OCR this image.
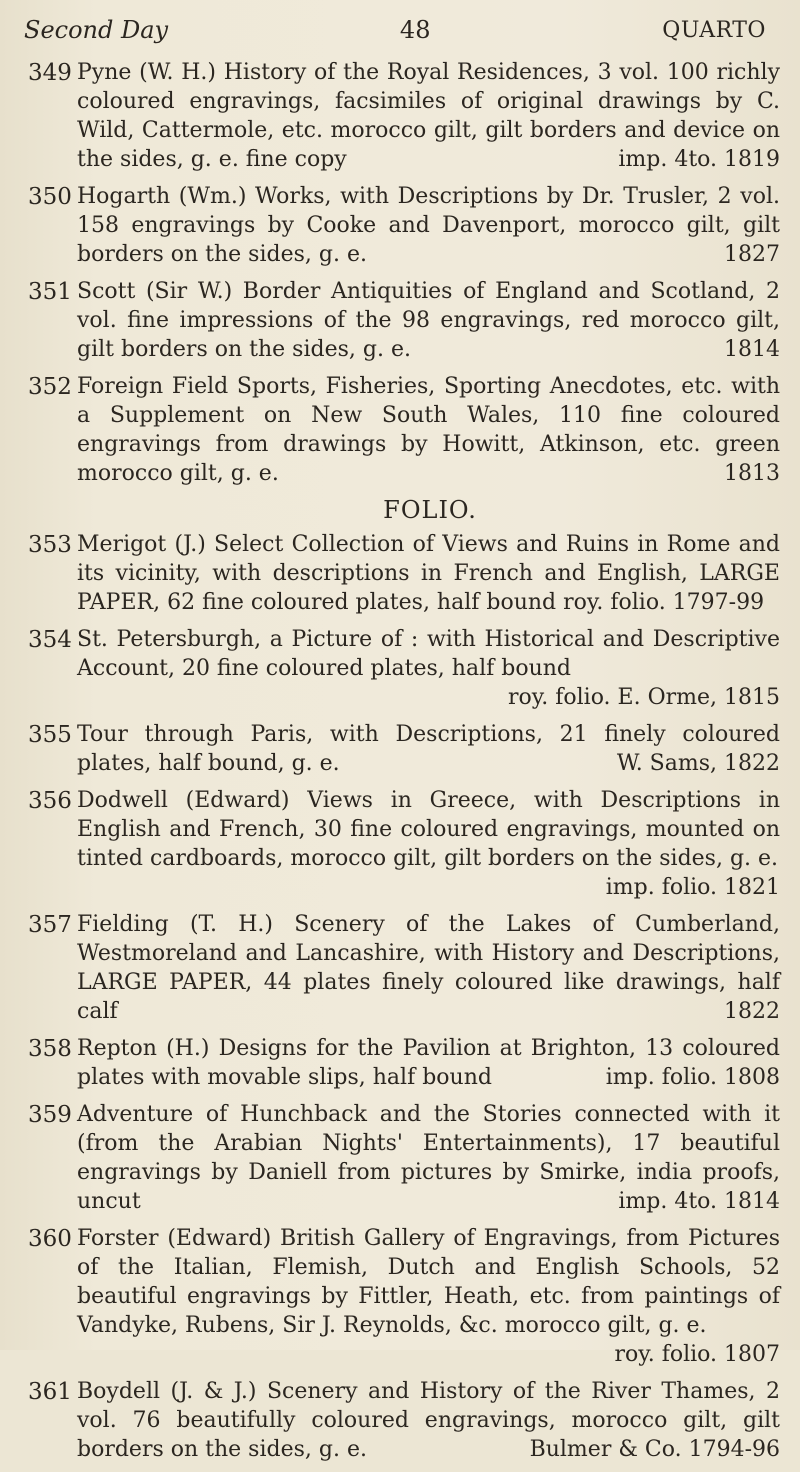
Second Day	48	QUARTO
349 Pyne (W. H.) History of the Royal Residences, 3 vol. 100 richly coloured engravings, facsimiles of original drawings by C. Wild, Cattermole, etc. morocco gilt, gilt borders and device on the sides, g. e. fine copy	imp. 4to. 1819
350 Hogarth (Wm.) Works, with Descriptions by Dr. Trusler, 2 vol. 158 engravings by Cooke and Davenport, morocco gilt, gilt borders on the sides, g. e.	1827
351 Scott (Sir W.) Border Antiquities of England and Scotland, 2 vol. fine impressions of the 98 engravings, red morocco gilt, gilt borders on the sides, g. e.	1814
352 Foreign Field Sports, Fisheries, Sporting Anecdotes, etc. with a Supplement on New South Wales, 110 fine coloured engravings from drawings by Howitt, Atkinson, etc. green morocco gilt, g. e.	1813
FOLIO.
353 Merigot (J.) Select Collection of Views and Ruins in Rome and its vicinity, with descriptions in French and English, LARGE PAPER, 62 fine coloured plates, half bound roy. folio. 1797-99

354 St. Petersburgh, a Picture of : with Historical and Descriptive Account, 20 fine coloured plates, half bound

roy. folio. E. Orme, 1815
355 Tour through Paris, with Descriptions, 21 finely coloured plates, half bound, g. e.	W. Sams, 1822
356 Dodwell (Edward) Views in Greece, with Descriptions in English and French, 30 fine coloured engravings, mounted on tinted cardboards, morocco gilt, gilt borders on the sides, g. e.

imp. folio. 1821
357 Fielding (T. H.) Scenery of the Lakes of Cumberland, Westmoreland and Lancashire, with History and Descriptions, LARGE PAPER, 44 plates finely coloured like drawings, half calf	1822
358 Repton (H.) Designs for the Pavilion at Brighton, 13 coloured plates with movable slips, half bound	imp. folio. 1808
359 Adventure of Hunchback and the Stories connected with it (from the Arabian Nights' Entertainments), 17 beautiful engravings by Daniell from pictures by Smirke, india proofs, uncut	imp. 4to. 1814
360 Forster (Edward) British Gallery of Engravings, from Pictures of the Italian, Flemish, Dutch and English Schools, 52 beautiful engravings by Fittler, Heath, etc. from paintings of Vandyke, Rubens, Sir J. Reynolds, &c. morocco gilt, g. e.

roy. folio. 1807
361 Boydell (J. & J.) Scenery and History of the River Thames, 2 vol. 76 beautifully coloured engravings, morocco gilt, gilt borders on the sides, g. e.	Bulmer & Co. 1794-96
